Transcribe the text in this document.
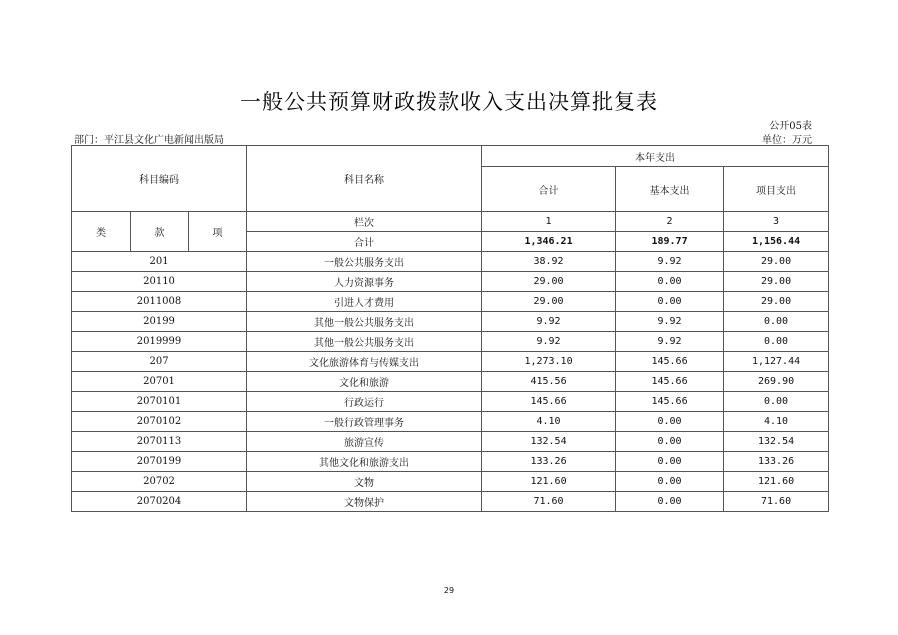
一般公共预算财政拨款收入支出决算批复表
公开05表
部门：平江县文化广电新闻出版局	单位：万元
科目编码			科目名称	本年支出		
				合计	基本支出	项目支出
类	款	项	栏次	1	2	3
			合计	1,346.21	189.77	1,156.44
201			一般公共服务支出	38.92	9.92	29.00
20110			人力资源事务	29.00	0.00	29.00
2011008			引进人才费用	29.00	0.00	29.00
20199			其他一般公共服务支出	9.92	9.92	0.00
2019999			其他一般公共服务支出	9.92	9.92	0.00
207			文化旅游体育与传媒支出	1,273.10	145.66	1,127.44
20701			文化和旅游	415.56	145.66	269.90
2070101			行政运行	145.66	145.66	0.00
2070102			一般行政管理事务	4.10	0.00	4.10
2070113			旅游宣传	132.54	0.00	132.54
2070199			其他文化和旅游支出	133.26	0.00	133.26
20702			文物	121.60	0.00	121.60
2070204			文物保护	71.60	0.00	71.60
29
